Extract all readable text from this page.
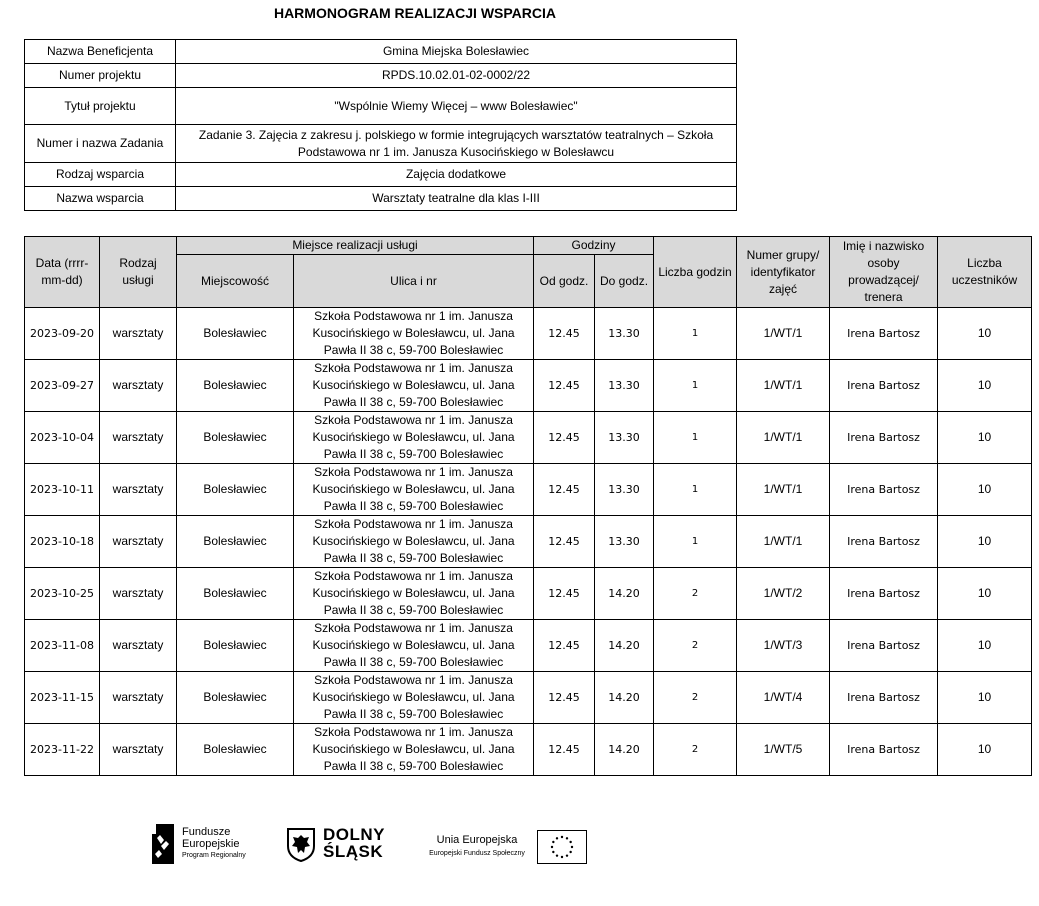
HARMONOGRAM REALIZACJI WSPARCIA
Nazwa Beneficjenta	Gmina Miejska Bolesławiec
Numer projektu	RPDS.10.02.01-02-0002/22
Tytuł projektu	"Wspólnie Wiemy Więcej – www Bolesławiec"
Numer i nazwa Zadania	Zadanie 3. Zajęcia z zakresu j. polskiego w formie integrujących warsztatów teatralnych – Szkoła Podstawowa nr 1 im. Janusza Kusocińskiego w Bolesławcu
Rodzaj wsparcia	Zajęcia dodatkowe
Nazwa wsparcia	Warsztaty teatralne dla klas I-III
Data (rrrr-mm-dd)	Rodzaj usługi	Miejsce realizacji usługi		Godziny		Liczba godzin	Numer grupy/ identyfikator zajęć	Imię i nazwisko osoby prowadzącej/ trenera	Liczba uczestników
		Miejscowość	Ulica i nr	Od godz.	Do godz.				
2023-09-20	warsztaty	Bolesławiec	Szkoła Podstawowa nr 1 im. Janusza Kusocińskiego w Bolesławcu, ul. Jana Pawła II 38 c, 59-700 Bolesławiec	12.45	13.30	1	1/WT/1	Irena Bartosz	10
2023-09-27	warsztaty	Bolesławiec	Szkoła Podstawowa nr 1 im. Janusza Kusocińskiego w Bolesławcu, ul. Jana Pawła II 38 c, 59-700 Bolesławiec	12.45	13.30	1	1/WT/1	Irena Bartosz	10
2023-10-04	warsztaty	Bolesławiec	Szkoła Podstawowa nr 1 im. Janusza Kusocińskiego w Bolesławcu, ul. Jana Pawła II 38 c, 59-700 Bolesławiec	12.45	13.30	1	1/WT/1	Irena Bartosz	10
2023-10-11	warsztaty	Bolesławiec	Szkoła Podstawowa nr 1 im. Janusza Kusocińskiego w Bolesławcu, ul. Jana Pawła II 38 c, 59-700 Bolesławiec	12.45	13.30	1	1/WT/1	Irena Bartosz	10
2023-10-18	warsztaty	Bolesławiec	Szkoła Podstawowa nr 1 im. Janusza Kusocińskiego w Bolesławcu, ul. Jana Pawła II 38 c, 59-700 Bolesławiec	12.45	13.30	1	1/WT/1	Irena Bartosz	10
2023-10-25	warsztaty	Bolesławiec	Szkoła Podstawowa nr 1 im. Janusza Kusocińskiego w Bolesławcu, ul. Jana Pawła II 38 c, 59-700 Bolesławiec	12.45	14.20	2	1/WT/2	Irena Bartosz	10
2023-11-08	warsztaty	Bolesławiec	Szkoła Podstawowa nr 1 im. Janusza Kusocińskiego w Bolesławcu, ul. Jana Pawła II 38 c, 59-700 Bolesławiec	12.45	14.20	2	1/WT/3	Irena Bartosz	10
2023-11-15	warsztaty	Bolesławiec	Szkoła Podstawowa nr 1 im. Janusza Kusocińskiego w Bolesławcu, ul. Jana Pawła II 38 c, 59-700 Bolesławiec	12.45	14.20	2	1/WT/4	Irena Bartosz	10
2023-11-22	warsztaty	Bolesławiec	Szkoła Podstawowa nr 1 im. Janusza Kusocińskiego w Bolesławcu, ul. Jana Pawła II 38 c, 59-700 Bolesławiec	12.45	14.20	2	1/WT/5	Irena Bartosz	10
Fundusze
Europejskie
Program Regionalny
DOLNY
ŚLĄSK
Unia Europejska
Europejski Fundusz Społeczny
